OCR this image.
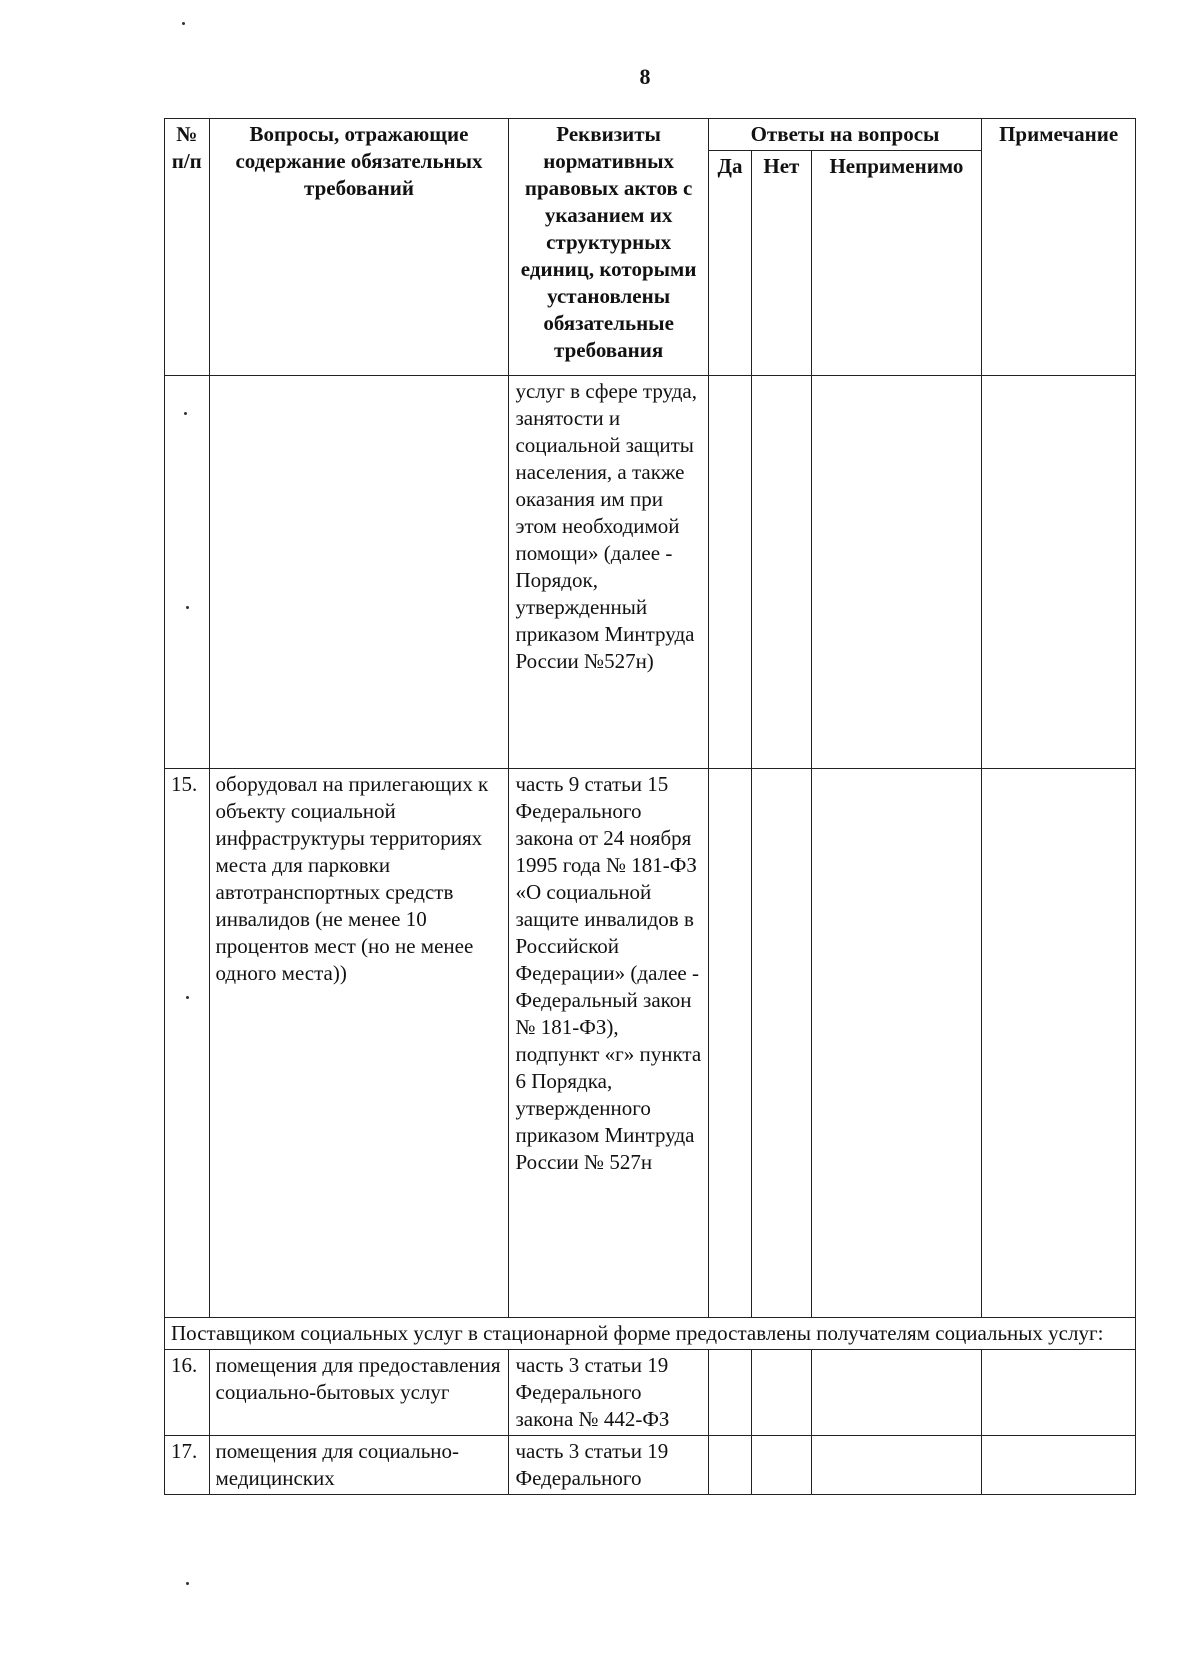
8
№ п/п	Вопросы, отражающие содержание обязательных требований	Реквизиты нормативных правовых актов с указанием их структурных единиц, которыми установлены обязательные требования	Ответы на вопросы			Примечание
			Да	Нет	Неприменимо	
		услуг в сфере труда, занятости и социальной защиты населения, а также оказания им при этом необходимой помощи» (далее - Порядок, утвержденный приказом Минтруда России №527н)				
15.	оборудовал на прилегающих к объекту социальной инфраструктуры территориях места для парковки автотранспортных средств инвалидов (не менее 10 процентов мест (но не менее одного места))	часть 9 статьи 15 Федерального закона от 24 ноября 1995 года № 181-ФЗ «О социальной защите инвалидов в Российской Федерации» (далее - Федеральный закон № 181-ФЗ), подпункт «г» пункта 6 Порядка, утвержденного приказом Минтруда России № 527н				
Поставщиком социальных услуг в стационарной форме предоставлены получателям социальных услуг:						
16.	помещения для предоставления социально-бытовых услуг	часть 3 статьи 19 Федерального закона № 442-ФЗ				
17.	помещения для социально-медицинских	часть 3 статьи 19 Федерального				
